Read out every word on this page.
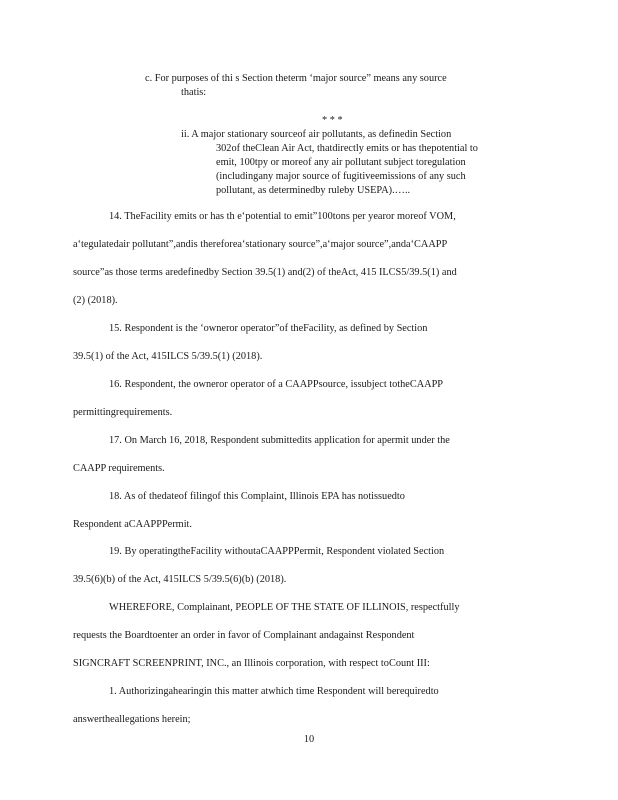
c. For purposes of thi s Section theterm ‘major source” means any source
thatis:
* * *
ii. A major stationary sourceof air pollutants, as definedin Section
302of theClean Air Act, thatdirectly emits or has thepotential to
emit, 100tpy or moreof any air pollutant subject toregulation
(includingany major source of fugitiveemissions of any such
pollutant, as determinedby ruleby USEPA).…..
14. TheFacility emits or has th e‘potential to emit”100tons per yearor moreof VOM,
a‘tegulatedair pollutant”,andis thereforea‘stationary source”,a‘major source”,anda‘CAAPP
source”as those terms aredefinedby Section 39.5(1) and(2) of theAct, 415 ILCS5/39.5(1) and
(2) (2018).
15. Respondent is the ‘ownеror operator”of theFacility, as defined by Section
39.5(1) of the Act, 415ILCS 5/39.5(1) (2018).
16. Respondent, the ownеror operator of a CAAPPsource, issubject totheCAAPP
permittingrequirements.
17. On March 16, 2018, Respondent submittedits application for apermit under the
CAAPP requirements.
18. As of thedateof filingof this Complaint, Illinois EPA has notissuedto
Respondent aCAAPPPermit.
19. By operatingtheFacility withoutaCAAPPPermit, Respondent violated Section
39.5(6)(b) of the Act, 415ILCS 5/39.5(6)(b) (2018).
WHEREFORE, Complainant, PEOPLE OF THE STATE OF ILLINOIS, respectfully
requests the Boardtoenter an order in favor of Complainant andagainst Respondent
SIGNCRAFT SCREENPRINT, INC., an Illinois corporation, with respect toCount III:
1. Authorizingahearingin this matter atwhich time Respondent will berequiredto
answertheallegations herein;
10
